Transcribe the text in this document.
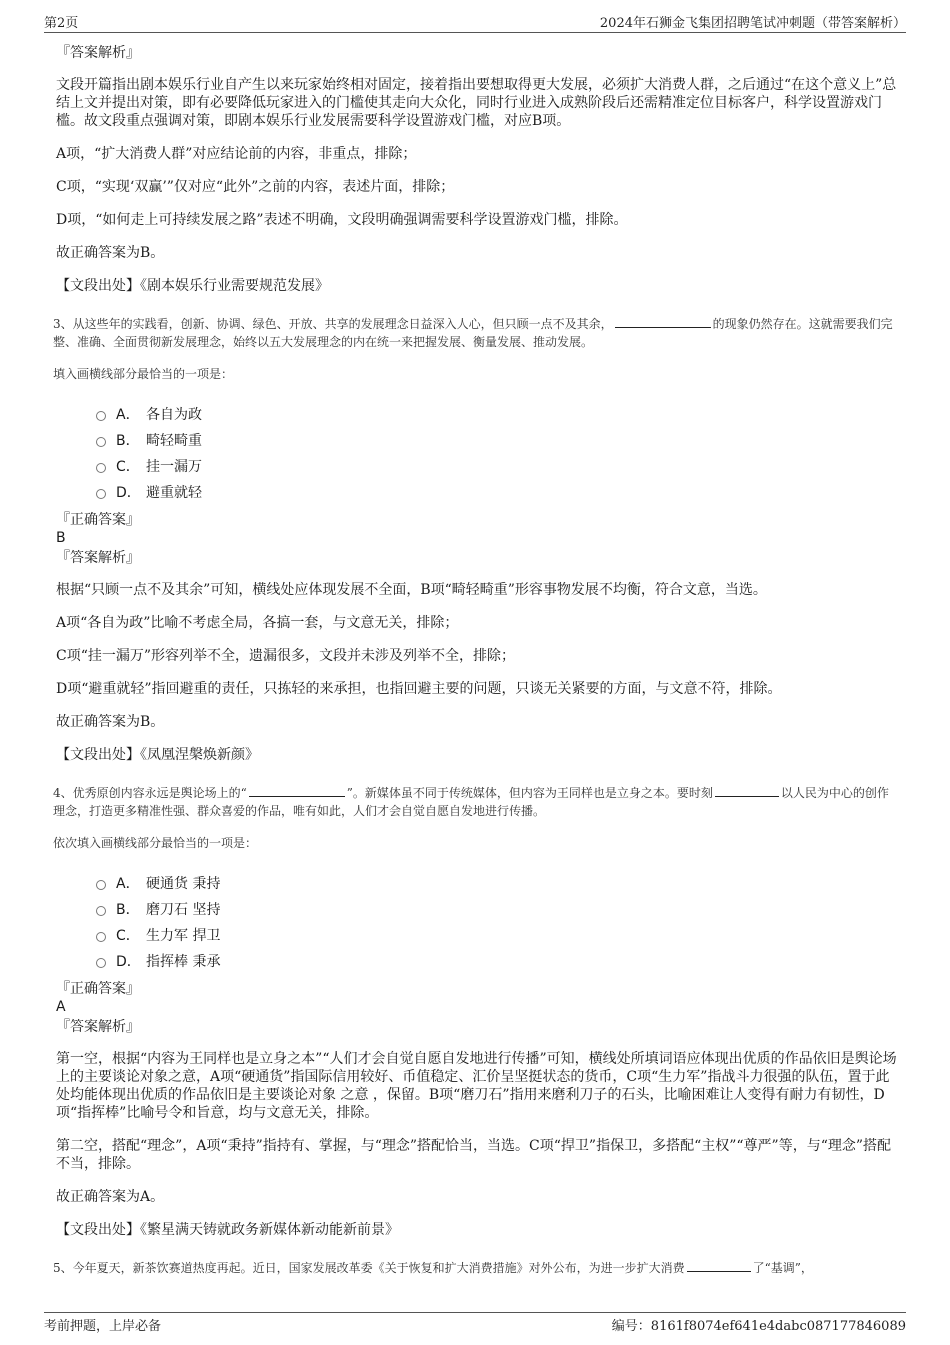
第2页	2024年石狮金飞集团招聘笔试冲刺题（带答案解析）
『答案解析』
文段开篇指出剧本娱乐行业自产生以来玩家始终相对固定，接着指出要想取得更大发展，必须扩大消费人群，之后通过“在这个意义上”总结上文并提出对策，即有必要降低玩家进入的门槛使其走向大众化，同时行业进入成熟阶段后还需精准定位目标客户，科学设置游戏门槛。故文段重点强调对策，即剧本娱乐行业发展需要科学设置游戏门槛，对应B项。
A项，“扩大消费人群”对应结论前的内容，非重点，排除；
C项，“实现‘双赢’”仅对应“此外”之前的内容，表述片面，排除；
D项，“如何走上可持续发展之路”表述不明确，文段明确强调需要科学设置游戏门槛，排除。
故正确答案为B。
【文段出处】《剧本娱乐行业需要规范发展》
3、从这些年的实践看，创新、协调、绿色、开放、共享的发展理念日益深入人心，但只顾一点不及其余，	的现象仍然存在。这就需要我们完整、准确、全面贯彻新发展理念，始终以五大发展理念的内在统一来把握发展、衡量发展、推动发展。
填入画横线部分最恰当的一项是：
A． 各自为政
B． 畸轻畸重
C． 挂一漏万
D． 避重就轻
『正确答案』
B
『答案解析』
根据“只顾一点不及其余”可知，横线处应体现发展不全面，B项“畸轻畸重”形容事物发展不均衡，符合文意，当选。
A项“各自为政”比喻不考虑全局，各搞一套，与文意无关，排除；
C项“挂一漏万”形容列举不全，遗漏很多，文段并未涉及列举不全，排除；
D项“避重就轻”指回避重的责任，只拣轻的来承担，也指回避主要的问题，只谈无关紧要的方面，与文意不符，排除。
故正确答案为B。
【文段出处】《凤凰涅槃焕新颜》
4、优秀原创内容永远是舆论场上的“	”。新媒体虽不同于传统媒体，但内容为王同样也是立身之本。要时刻	以人民为中心的创作理念，打造更多精准性强、群众喜爱的作品，唯有如此，人们才会自觉自愿自发地进行传播。
依次填入画横线部分最恰当的一项是：
A． 硬通货 秉持
B． 磨刀石 坚持
C． 生力军 捍卫
D． 指挥棒 秉承
『正确答案』
A
『答案解析』
第一空，根据“内容为王同样也是立身之本”“人们才会自觉自愿自发地进行传播”可知，横线处所填词语应体现出优质的作品依旧是舆论场上的主要谈论对象之意，A项“硬通货”指国际信用较好、币值稳定、汇价呈坚挺状态的货币，C项“生力军”指战斗力很强的队伍，置于此处均能体现出优质的作品依旧是主要谈论对象 之意 ，保留。B项“磨刀石”指用来磨利刀子的石头，比喻困难让人变得有耐力有韧性，D项“指挥棒”比喻号令和旨意，均与文意无关，排除。
第二空，搭配“理念”，A项“秉持”指持有、掌握，与“理念”搭配恰当，当选。C项“捍卫”指保卫，多搭配“主权”“尊严”等，与“理念”搭配不当，排除。
故正确答案为A。
【文段出处】《繁星满天铸就政务新媒体新动能新前景》
5、今年夏天，新茶饮赛道热度再起。近日，国家发展改革委《关于恢复和扩大消费措施》对外公布，为进一步扩大消费	了“基调”，
考前押题，上岸必备	编号：8161f8074ef641e4dabc087177846089
